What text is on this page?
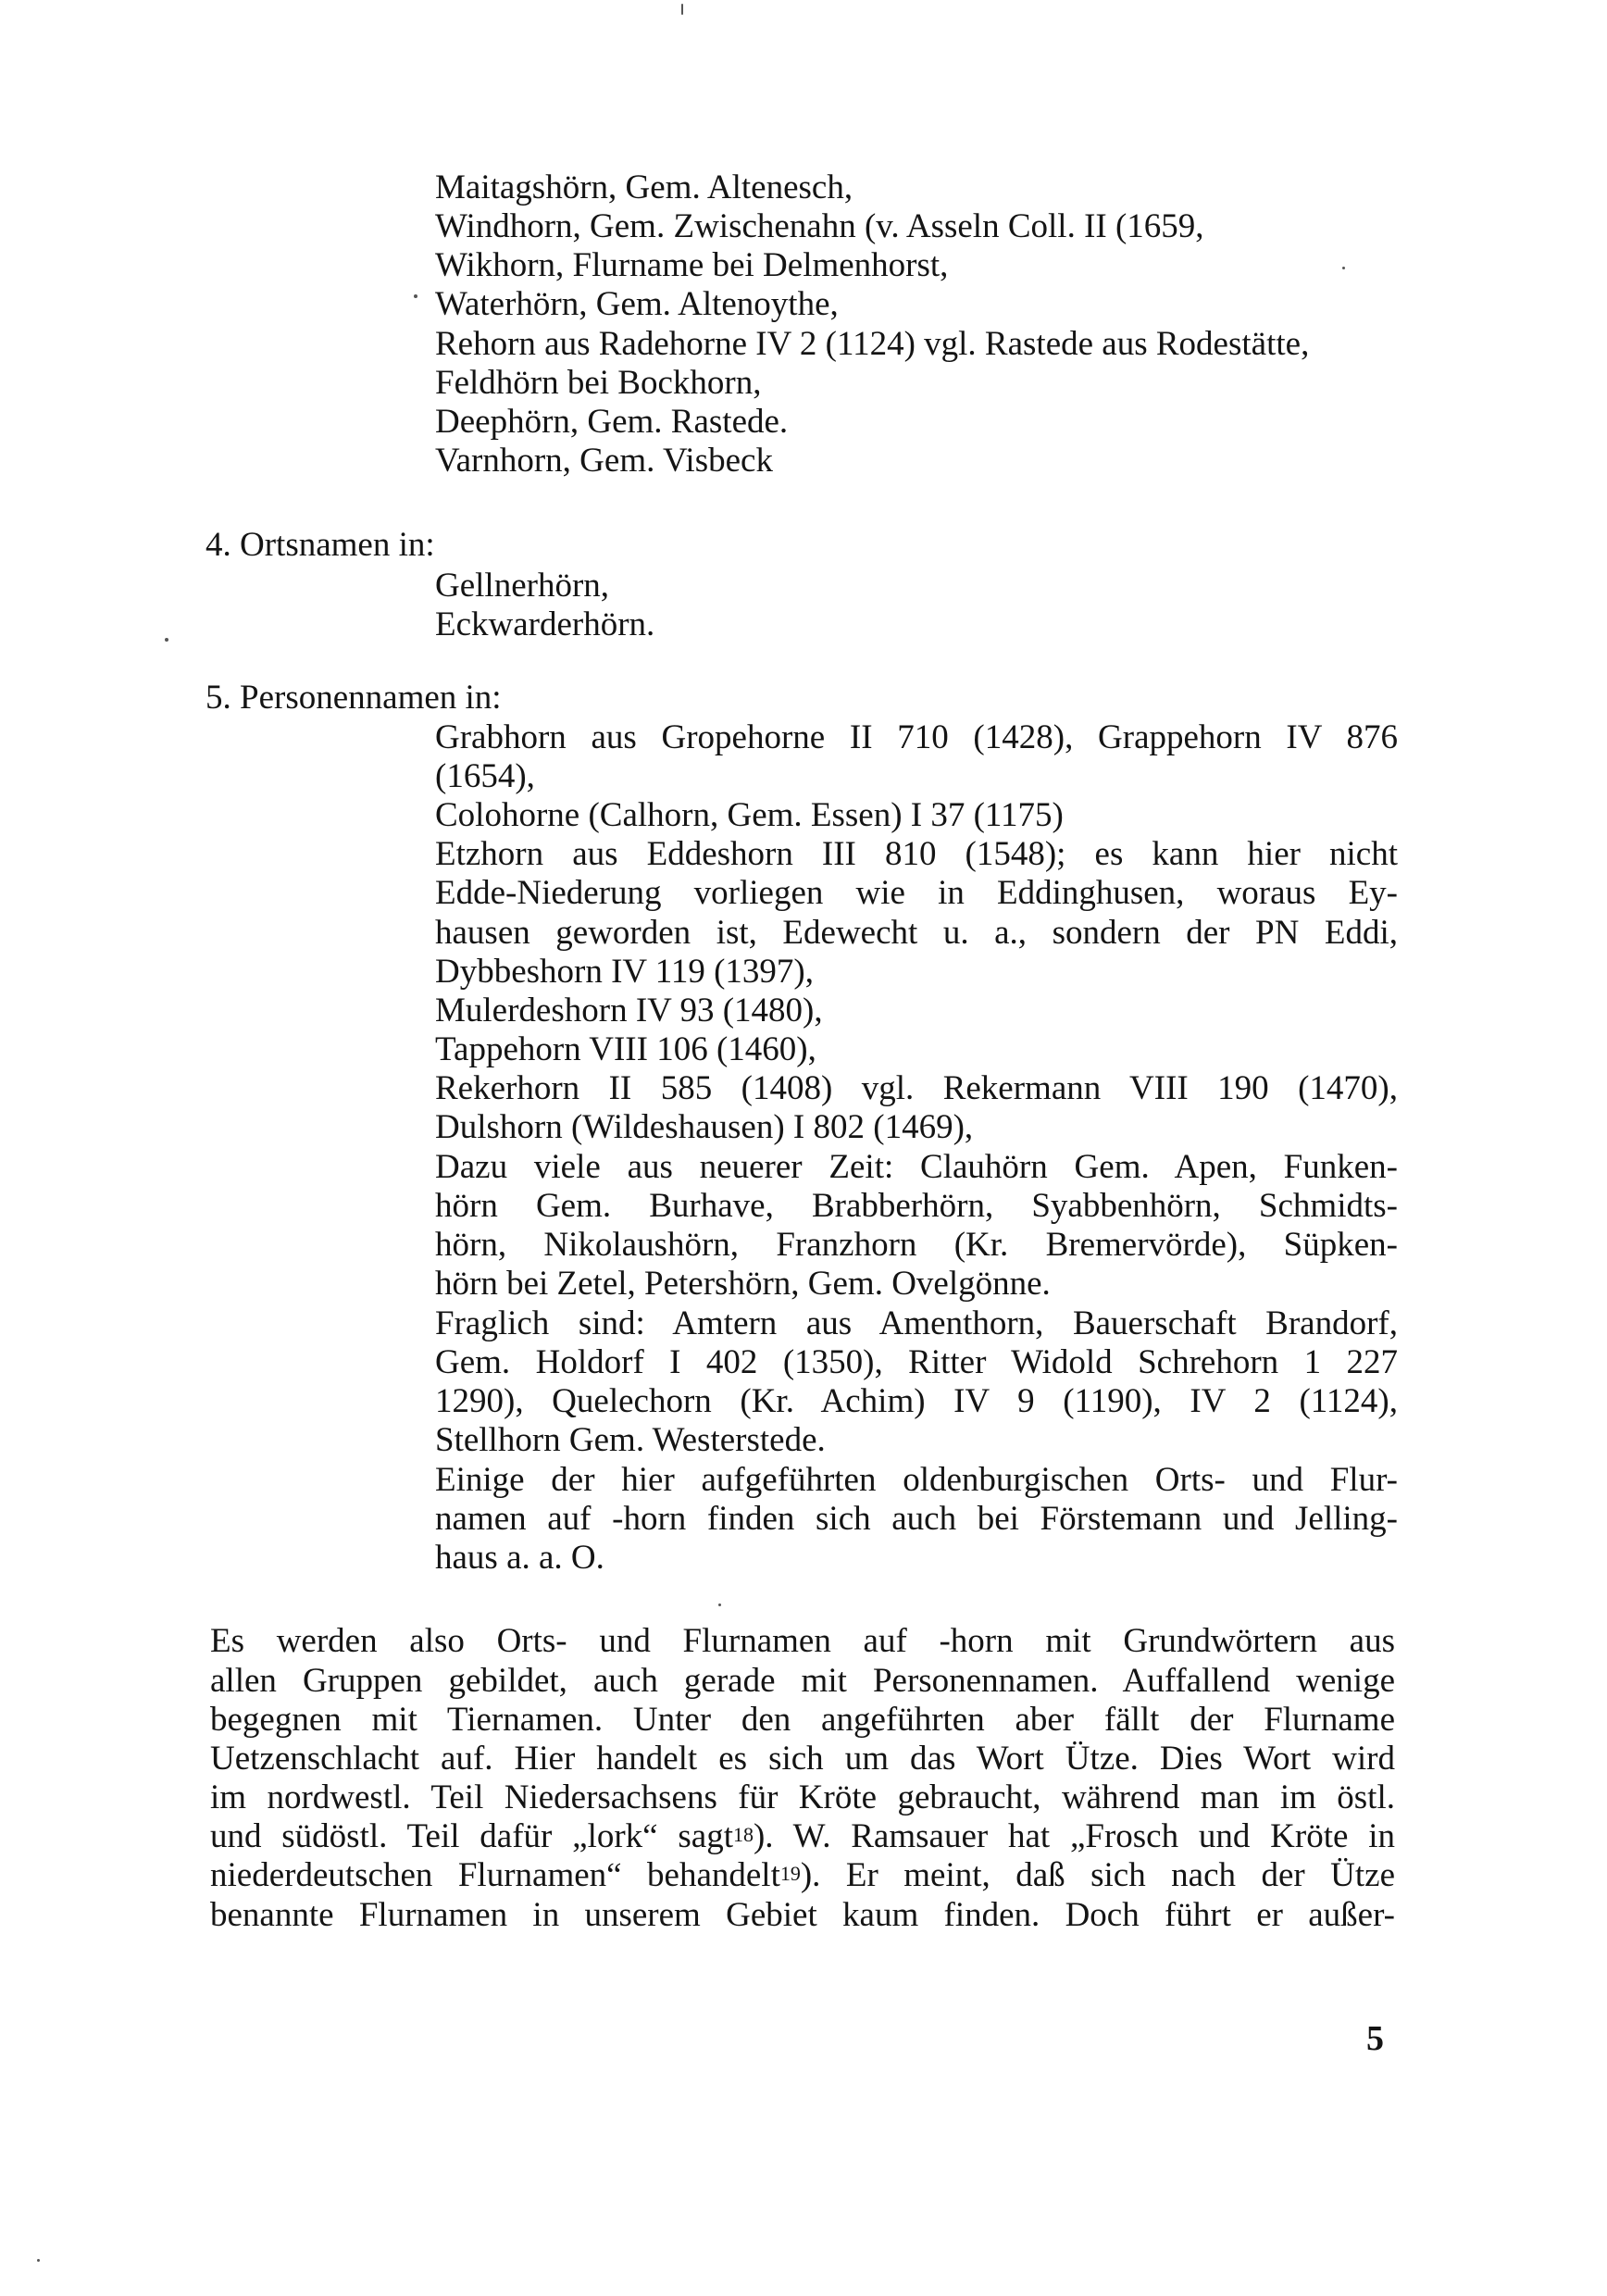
Maitagshörn, Gem. Altenesch,
Windhorn, Gem. Zwischenahn (v. Asseln Coll. II (1659,
Wikhorn, Flurname bei Delmenhorst,
Waterhörn, Gem. Altenoythe,
Rehorn aus Radehorne IV 2 (1124) vgl. Rastede aus Rodestätte,
Feldhörn bei Bockhorn,
Deephörn, Gem. Rastede.
Varnhorn, Gem. Visbeck
4. Ortsnamen in:
Gellnerhörn,
Eckwarderhörn.
5. Personennamen in:
Grabhorn aus Gropehorne II 710 (1428), Grappehorn IV 876
(1654),
Colohorne (Calhorn, Gem. Essen) I 37 (1175)
Etzhorn aus Eddeshorn III 810 (1548); es kann hier nicht
Edde-Niederung vorliegen wie in Eddinghusen, woraus Ey-
hausen geworden ist, Edewecht u. a., sondern der PN Eddi,
Dybbeshorn IV 119 (1397),
Mulerdeshorn IV 93 (1480),
Tappehorn VIII 106 (1460),
Rekerhorn II 585 (1408) vgl. Rekermann VIII 190 (1470),
Dulshorn (Wildeshausen) I 802 (1469),
Dazu viele aus neuerer Zeit: Clauhörn Gem. Apen, Funken-
hörn Gem. Burhave, Brabberhörn, Syabbenhörn, Schmidts-
hörn, Nikolaushörn, Franzhorn (Kr. Bremervörde), Süpken-
hörn bei Zetel, Petershörn, Gem. Ovelgönne.
Fraglich sind: Amtern aus Amenthorn, Bauerschaft Brandorf,
Gem. Holdorf I 402 (1350), Ritter Widold Schrehorn 1 227
1290), Quelechorn (Kr. Achim) IV 9 (1190), IV 2 (1124),
Stellhorn Gem. Westerstede.
Einige der hier aufgeführten oldenburgischen Orts- und Flur-
namen auf -horn finden sich auch bei Förstemann und Jelling-
haus a. a. O.
Es werden also Orts- und Flurnamen auf -horn mit Grundwörtern aus
allen Gruppen gebildet, auch gerade mit Personennamen. Auffallend wenige
begegnen mit Tiernamen. Unter den angeführten aber fällt der Flurname
Uetzenschlacht auf. Hier handelt es sich um das Wort Ütze. Dies Wort wird
im nordwestl. Teil Niedersachsens für Kröte gebraucht, während man im östl.
und südöstl. Teil dafür „lork“ sagt$^{18}$). W. Ramsauer hat „Frosch und Kröte in
niederdeutschen Flurnamen“ behandelt$^{19}$). Er meint, daß sich nach der Ütze
benannte Flurnamen in unserem Gebiet kaum finden. Doch führt er außer-
5
